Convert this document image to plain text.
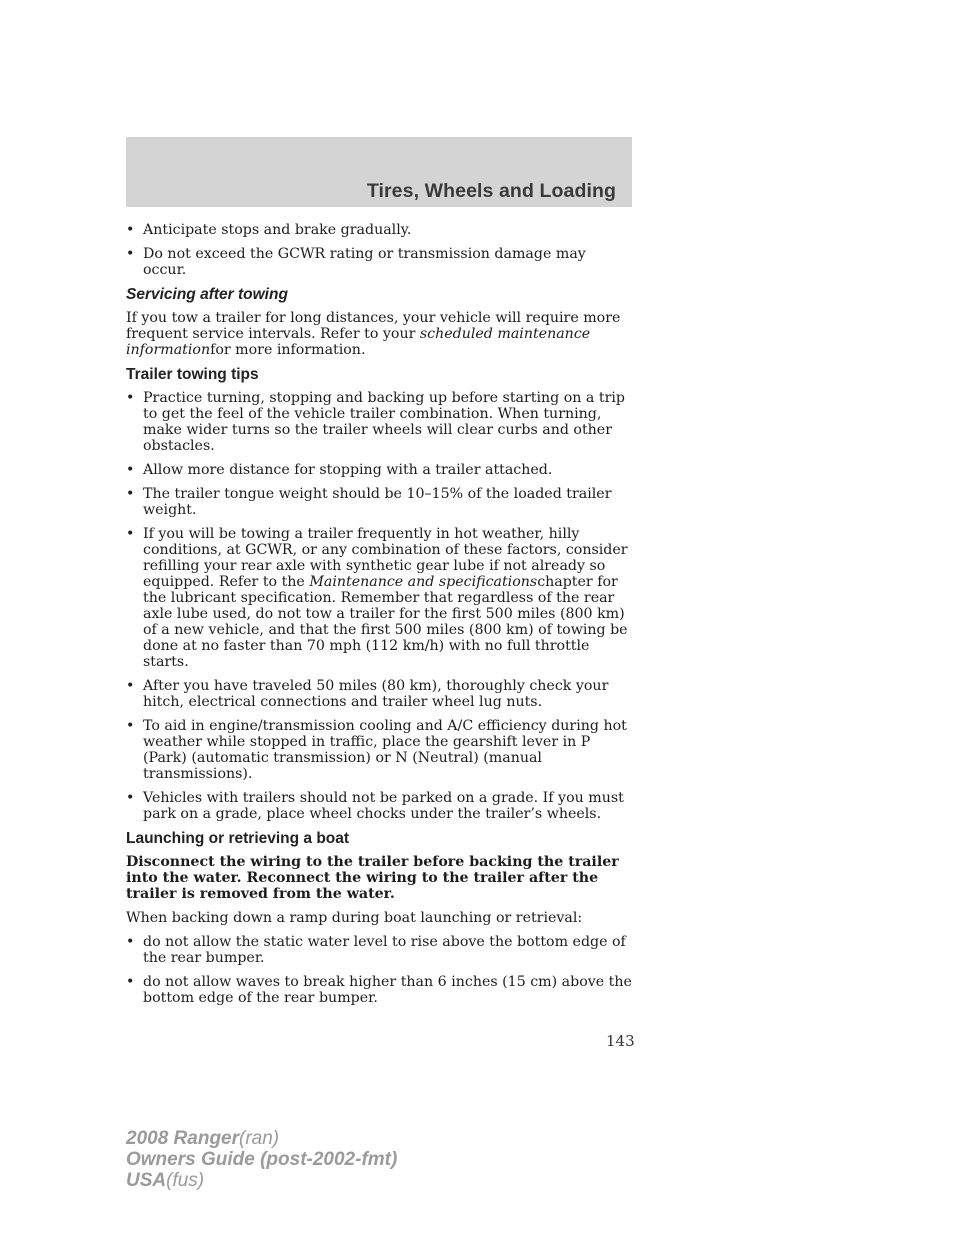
Tires, Wheels and Loading
• Anticipate stops and brake gradually.
• Do not exceed the GCWR rating or transmission damage may occur.
Servicing after towing

If you tow a trailer for long distances, your vehicle will require more frequent service intervals. Refer to your scheduled maintenance informationfor more information.

Trailer towing tips
• Practice turning, stopping and backing up before starting on a trip to get the feel of the vehicle trailer combination. When turning, make wider turns so the trailer wheels will clear curbs and other obstacles.
• Allow more distance for stopping with a trailer attached.
• The trailer tongue weight should be 10–15% of the loaded trailer weight.
• If you will be towing a trailer frequently in hot weather, hilly conditions, at GCWR, or any combination of these factors, consider refilling your rear axle with synthetic gear lube if not already so equipped. Refer to the Maintenance and specificationschapter for the lubricant specification. Remember that regardless of the rear axle lube used, do not tow a trailer for the first 500 miles (800 km) of a new vehicle, and that the first 500 miles (800 km) of towing be done at no faster than 70 mph (112 km/h) with no full throttle starts.
• After you have traveled 50 miles (80 km), thoroughly check your hitch, electrical connections and trailer wheel lug nuts.
• To aid in engine/transmission cooling and A/C efficiency during hot weather while stopped in traffic, place the gearshift lever in P (Park) (automatic transmission) or N (Neutral) (manual transmissions).
• Vehicles with trailers should not be parked on a grade. If you must park on a grade, place wheel chocks under the trailer’s wheels.
Launching or retrieving a boat

Disconnect the wiring to the trailer before backing the trailer into the water. Reconnect the wiring to the trailer after the trailer is removed from the water.

When backing down a ramp during boat launching or retrieval:

• do not allow the static water level to rise above the bottom edge of the rear bumper.
• do not allow waves to break higher than 6 inches (15 cm) above the bottom edge of the rear bumper.
143
2008 Ranger(ran)
Owners Guide (post-2002-fmt)
USA(fus)
